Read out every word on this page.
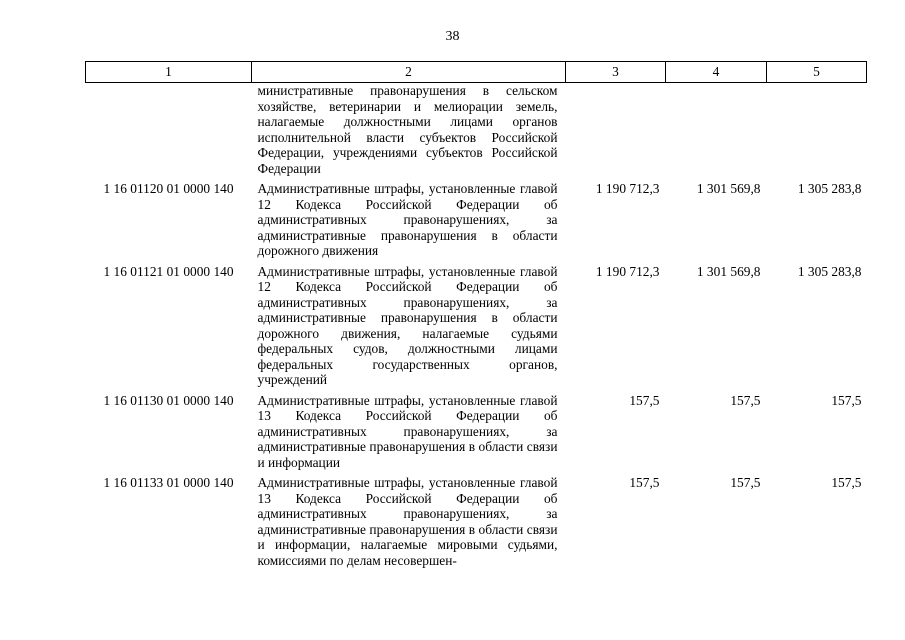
38
1	2	3	4	5
	министративные правонарушения в сельском хозяйстве, ветеринарии и мелиорации земель, налагаемые должностными лицами органов исполнительной власти субъектов Российской Федерации, учреждениями субъектов Российской Федерации			
1 16 01120 01 0000 140	Административные штрафы, установленные главой 12 Кодекса Российской Федерации об административных правонарушениях, за административные правонарушения в области дорожного движения	1 190 712,3	1 301 569,8	1 305 283,8
1 16 01121 01 0000 140	Административные штрафы, установленные главой 12 Кодекса Российской Федерации об административных правонарушениях, за административные правонарушения в области дорожного движения, налагаемые судьями федеральных судов, должностными лицами федеральных государственных органов, учреждений	1 190 712,3	1 301 569,8	1 305 283,8
1 16 01130 01 0000 140	Административные штрафы, установленные главой 13 Кодекса Российской Федерации об административных правонарушениях, за административные правонарушения в области связи и информации	157,5	157,5	157,5
1 16 01133 01 0000 140	Административные штрафы, установленные главой 13 Кодекса Российской Федерации об административных правонарушениях, за административные правонарушения в области связи и информации, налагаемые мировыми судьями, комиссиями по делам несовершен-	157,5	157,5	157,5
